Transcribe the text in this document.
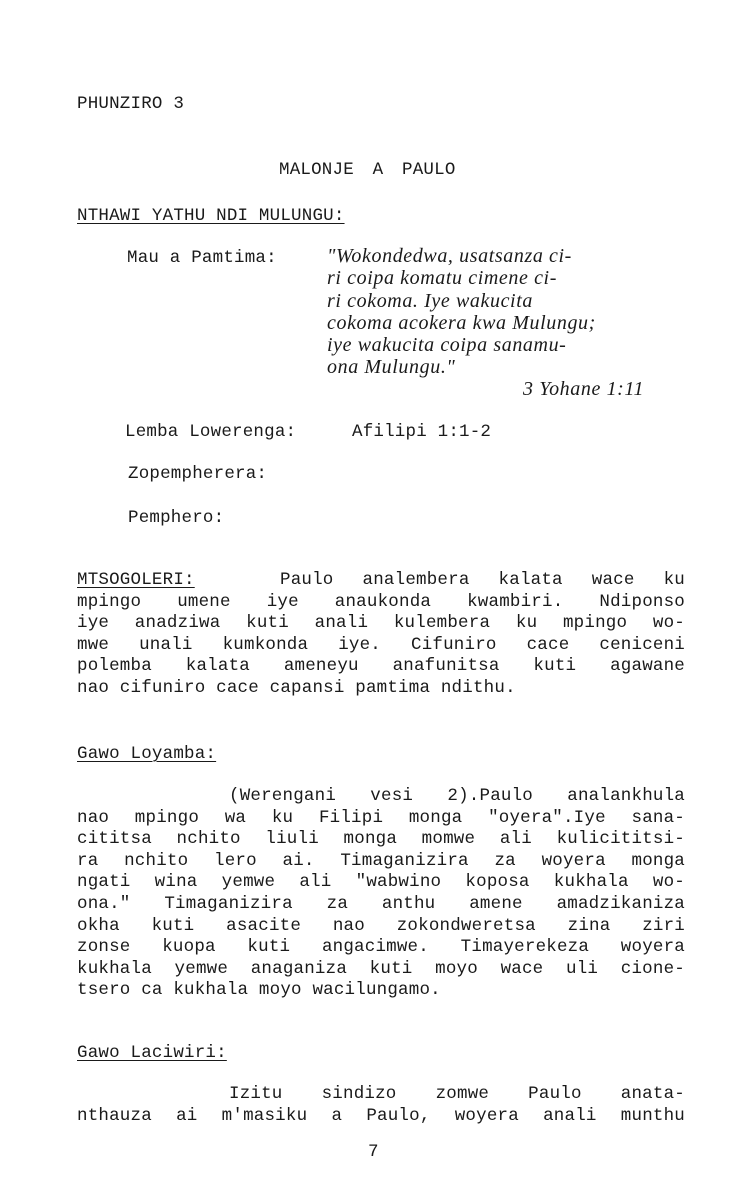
PHUNZIRO 3
MALONJE A PAULO
NTHAWI YATHU NDI MULUNGU:
Mau a Pamtima:	"Wokondedwa, usatsanza ci-
ri coipa komatu cimene ci-
ri cokoma. Iye wakucita
cokoma acokera kwa Mulungu;
iye wakucita coipa sanamu-
ona Mulungu."
3 Yohane 1:11
Lemba Lowerenga:	Afilipi 1:1-2
Zopempherera:
Pemphero:
MTSOGOLERI:	Paulo analembera kalata wace ku
mpingo umene iye anaukonda kwambiri. Ndiponso
iye anadziwa kuti anali kulembera ku mpingo wo-
mwe unali kumkonda iye. Cifuniro cace ceniceni
polemba kalata ameneyu anafunitsa kuti agawane
nao cifuniro cace capansi pamtima ndithu.
Gawo Loyamba:
(Werengani vesi 2).Paulo analankhula
nao mpingo wa ku Filipi monga "oyera".Iye sana-
cititsa nchito liuli monga momwe ali kulicititsi-
ra nchito lero ai. Timaganizira za woyera monga
ngati wina yemwe ali "wabwino koposa kukhala wo-
ona." Timaganizira za anthu amene amadzikaniza
okha kuti asacite nao zokondweretsa zina ziri
zonse kuopa kuti angacimwe. Timayerekeza woyera
kukhala yemwe anaganiza kuti moyo wace uli cione-
tsero ca kukhala moyo wacilungamo.
Gawo Laciwiri:
Izitu sindizo zomwe Paulo anata-
nthauza ai m'masiku a Paulo, woyera anali munthu
7
